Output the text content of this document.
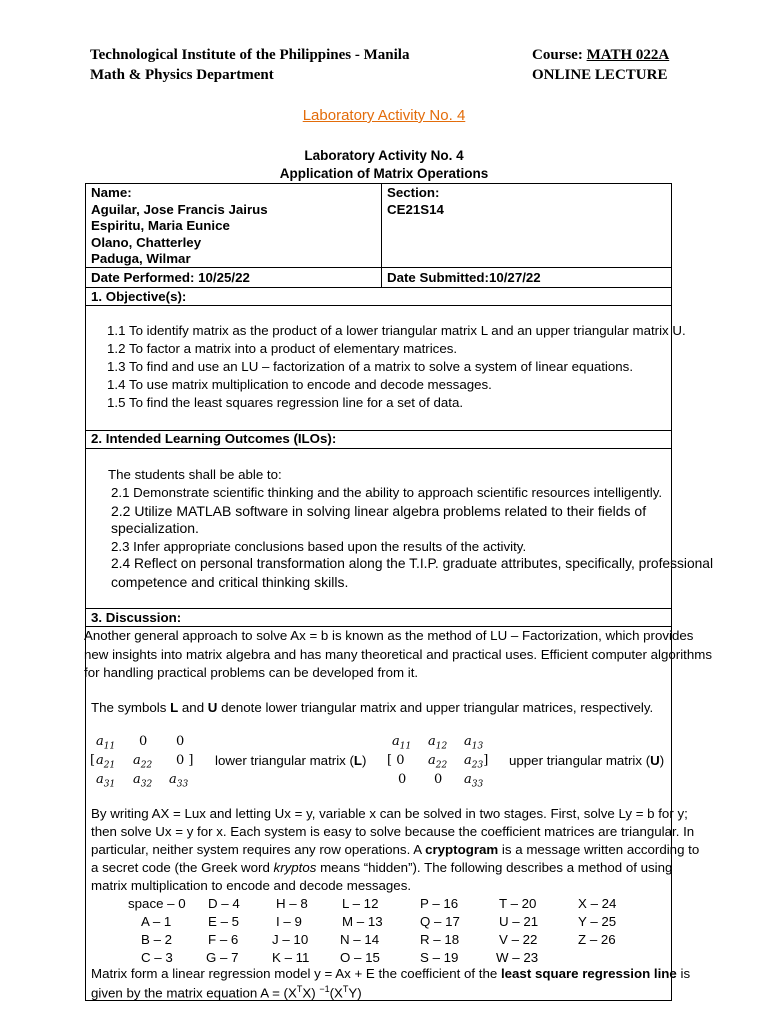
Technological Institute of the Philippines - Manila
Math & Physics Department
Course: MATH 022A
ONLINE LECTURE
Laboratory Activity No. 4
Laboratory Activity No. 4
Application of Matrix Operations
Name:
Aguilar, Jose Francis Jairus
Espiritu, Maria Eunice
Olano, Chatterley
Paduga, Wilmar
Section:
CE21S14
Date Performed: 10/25/22	Date Submitted:10/27/22
1. Objective(s):
1.1 To identify matrix as the product of a lower triangular matrix L and an upper triangular matrix U.
1.2 To factor a matrix into a product of elementary matrices.
1.3 To find and use an LU – factorization of a matrix to solve a system of linear equations.
1.4 To use matrix multiplication to encode and decode messages.
1.5 To find the least squares regression line for a set of data.
2. Intended Learning Outcomes (ILOs):
The students shall be able to:
2.1 Demonstrate scientific thinking and the ability to approach scientific resources intelligently.
2.2 Utilize MATLAB software in solving linear algebra problems related to their fields of
specialization.
2.3 Infer appropriate conclusions based upon the results of the activity.
2.4 Reflect on personal transformation along the T.I.P. graduate attributes, specifically, professional
competence and critical thinking skills.
3. Discussion:
Another general approach to solve Ax = b is known as the method of LU – Factorization, which provides
new insights into matrix algebra and has many theoretical and practical uses. Efficient computer algorithms
for handling practical problems can be developed from it.
The symbols L and U denote lower triangular matrix and upper triangular matrices, respectively.
$a_{11}$ 0 0
[ $a_{21}$ $a_{22}$ 0 ]
$a_{31}$ $a_{32}$ $a_{33}$
lower triangular matrix (L)
$a_{11}$ $a_{12}$ $a_{13}$
[ 0 $a_{22}$ $a_{23}$]
0 0 $a_{33}$
upper triangular matrix (U)
By writing AX = Lux and letting Ux = y, variable x can be solved in two stages. First, solve Ly = b for y;
then solve Ux = y for x. Each system is easy to solve because the coefficient matrices are triangular. In
particular, neither system requires any row operations. A cryptogram is a message written according to
a secret code (the Greek word kryptos means “hidden”). The following describes a method of using
matrix multiplication to encode and decode messages.
space – 0 D – 4	H – 8	L – 12	P – 16	T – 20	X – 24
A – 1	E – 5	I – 9	M – 13	Q – 17	U – 21	Y – 25
B – 2	F – 6	J – 10 N – 14	R – 18	V – 22	Z – 26
C – 3 G – 7	K – 11 O – 15	S – 19	W – 23
Matrix form a linear regression model y = Ax + E the coefficient of the least square regression line is
given by the matrix equation $A = (X^TX)$ $^{-1}(X^TY)$
